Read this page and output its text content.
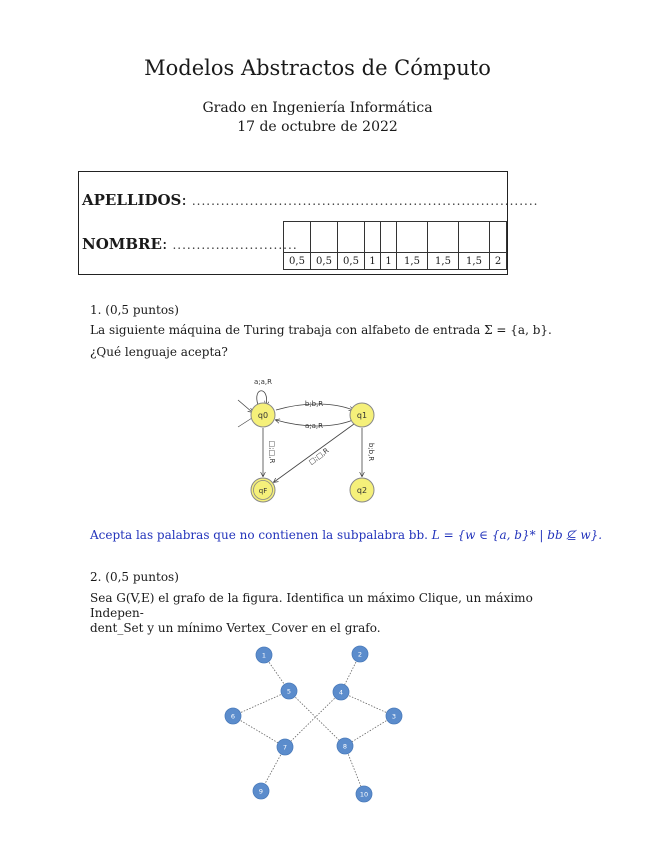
Modelos Abstractos de Cómputo
Grado en Ingeniería Informática
17 de octubre de 2022
APELLIDOS: ........................................................................
NOMBRE: ..........................

0,5	0,5	0,5	1	1	1,5	1,5	1,5	2
1. (0,5 puntos)
La siguiente máquina de Turing trabaja con alfabeto de entrada Σ = {a, b}.
¿Qué lenguaje acepta?
q0	q1
qF	q2
a;a,R
b;b,R
a;a,R
□;□,R	□;□,R	b;b,R
Acepta las palabras que no contienen la subpalabra bb. L = {w ∈ {a, b}* | bb ⊈ w}.
2. (0,5 puntos)
Sea G(V,E) el grafo de la figura. Identifica un máximo Clique, un máximo Indepen-
dent_Set y un mínimo Vertex_Cover en el grafo.
1	2
3
4
5
6
7	8
9	10
